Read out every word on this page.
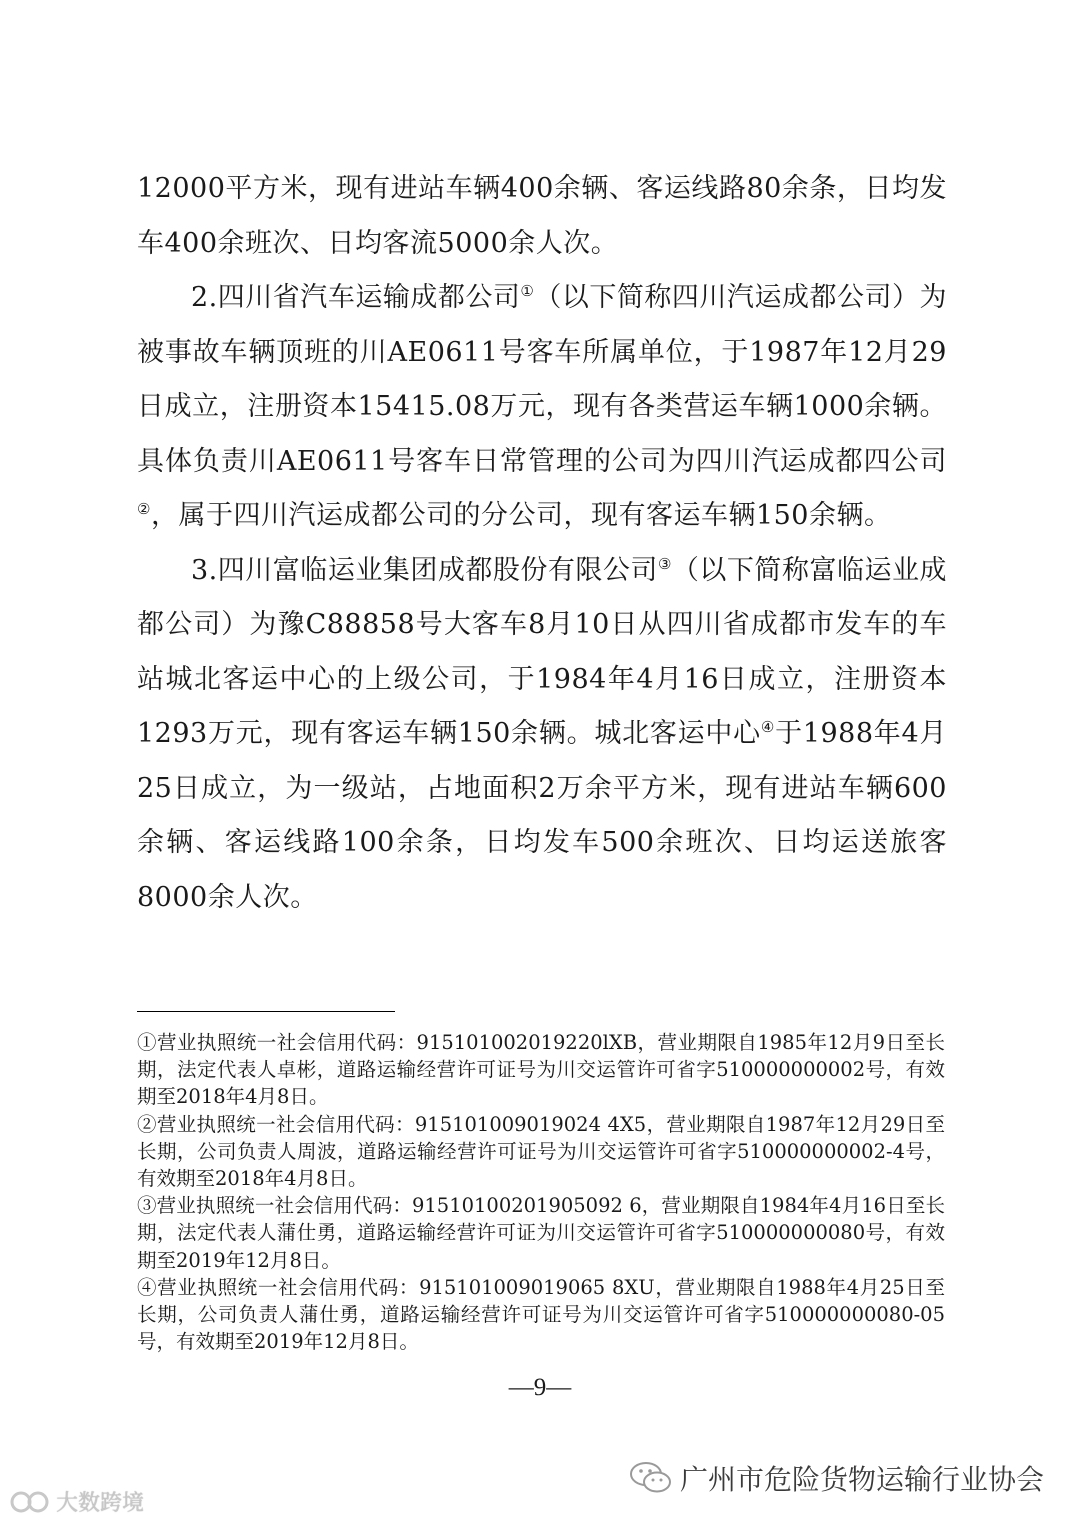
12000平方米，现有进站车辆400余辆、客运线路80余条，日均发车400余班次、日均客流5000余人次。

2.四川省汽车运输成都公司①（以下简称四川汽运成都公司）为被事故车辆顶班的川AE0611号客车所属单位，于1987年12月29日成立，注册资本15415.08万元，现有各类营运车辆1000余辆。具体负责川AE0611号客车日常管理的公司为四川汽运成都四公司②，属于四川汽运成都公司的分公司，现有客运车辆150余辆。

3.四川富临运业集团成都股份有限公司③（以下简称富临运业成都公司）为豫C88858号大客车8月10日从四川省成都市发车的车站城北客运中心的上级公司，于1984年4月16日成立，注册资本1293万元，现有客运车辆150余辆。城北客运中心④于1988年4月25日成立，为一级站，占地面积2万余平方米，现有进站车辆600余辆、客运线路100余条，日均发车500余班次、日均运送旅客8000余人次。

①营业执照统一社会信用代码：915101002019220lXB，营业期限自1985年12月9日至长期，法定代表人卓彬，道路运输经营许可证号为川交运管许可省字510000000002号，有效期至2018年4月8日。

②营业执照统一社会信用代码：915101009019024 4X5，营业期限自1987年12月29日至长期，公司负责人周波，道路运输经营许可证号为川交运管许可省字510000000002-4号，有效期至2018年4月8日。

③营业执照统一社会信用代码：91510100201905092 6，营业期限自1984年4月16日至长期，法定代表人蒲仕勇，道路运输经营许可证为川交运管许可省字510000000080号，有效期至2019年12月8日。

④营业执照统一社会信用代码：915101009019065 8XU，营业期限自1988年4月25日至长期，公司负责人蒲仕勇，道路运输经营许可证号为川交运管许可省字510000000080-05号，有效期至2019年12月8日。

—9—
广州市危险货物运输行业协会
大数跨境
